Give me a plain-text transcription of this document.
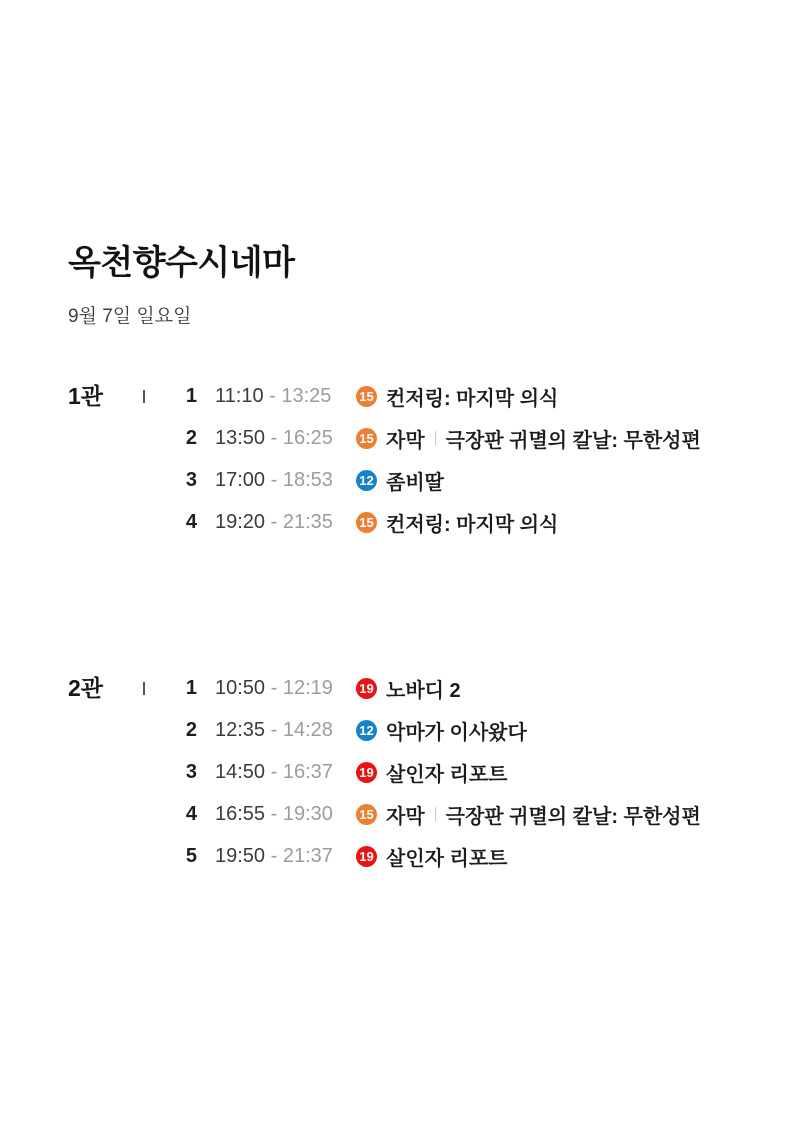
옥천향수시네마

9월 7일 일요일

1관	1 11:10 - 13:25	15 컨저링: 마지막 의식
2 13:50 - 16:25	15 자막 극장판 귀멸의 칼날: 무한성편
3 17:00 - 18:53	12 좀비딸
4 19:20 - 21:35	15 컨저링: 마지막 의식
2관	1 10:50 - 12:19	19 노바디 2
2 12:35 - 14:28	12 악마가 이사왔다
3 14:50 - 16:37	19 살인자 리포트
4 16:55 - 19:30	15 자막 극장판 귀멸의 칼날: 무한성편
5 19:50 - 21:37	19 살인자 리포트
